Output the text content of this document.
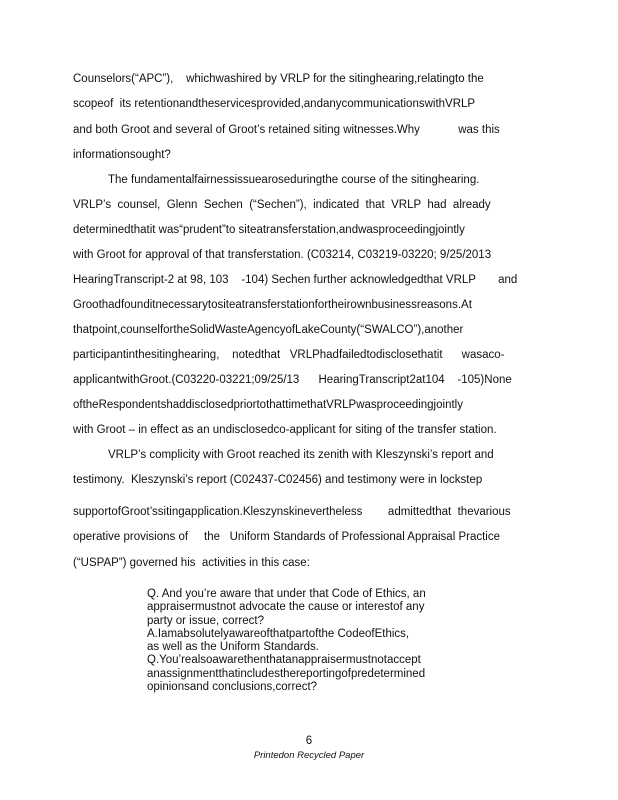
Counselors(“APC”),    whichwashired by VRLP for the sitinghearing,relatingto the
scopeof  its retentionandtheservicesprovided,andanycommunicationswithVRLP
and both Groot and several of Groot’s retained siting witnesses.Why            was this
informationsought?
The fundamentalfairnessissuearoseduringthe course of the sitinghearing.
VRLP’s  counsel,  Glenn  Sechen  (“Sechen”),  indicated  that  VRLP  had  already
determinedthatit was“prudent”to siteatransferstation,andwasproceedingjointly
with Groot for approval of that transferstation. (C03214, C03219-03220; 9/25/2013
HearingTranscript-2 at 98, 103    -104) Sechen further acknowledgedthat VRLP       and
Groothadfounditnecessarytositeatransferstationfortheirownbusinessreasons.At
thatpoint,counselfortheSolidWasteAgencyofLakeCounty(“SWALCO”),another
participantinthesitinghearing,    notedthat   VRLPhadfailedtodisclosethatit      wasaco-
applicantwithGroot.(C03220-03221;09/25/13      HearingTranscript2at104    -105)None
oftheRespondentshaddisclosedpriortothattimethatVRLPwasproceedingjointly
with Groot – in effect as an undisclosedco-applicant for siting of the transfer station.
VRLP’s complicity with Groot reached its zenith with Kleszynski’s report and
testimony.  Kleszynski’s report (C02437-C02456) and testimony were in lockstep
supportofGroot’ssitingapplication.Kleszynskinevertheless        admittedthat  thevarious
operative provisions of     the   Uniform Standards of Professional Appraisal Practice
(“USPAP”) governed his  activities in this case:
Q. And you’re aware that under that Code of Ethics, an
appraisermustnot advocate the cause or interestof any
party or issue, correct?
A.Iamabsolutelyawareofthatpartofthe CodeofEthics,
as well as the Uniform Standards.
Q.You’realsoawarethenthatanappraisermustnotaccept
anassignmentthatincludesthereportingofpredetermined
opinionsand conclusions,correct?
6
Printedon Recycled Paper
